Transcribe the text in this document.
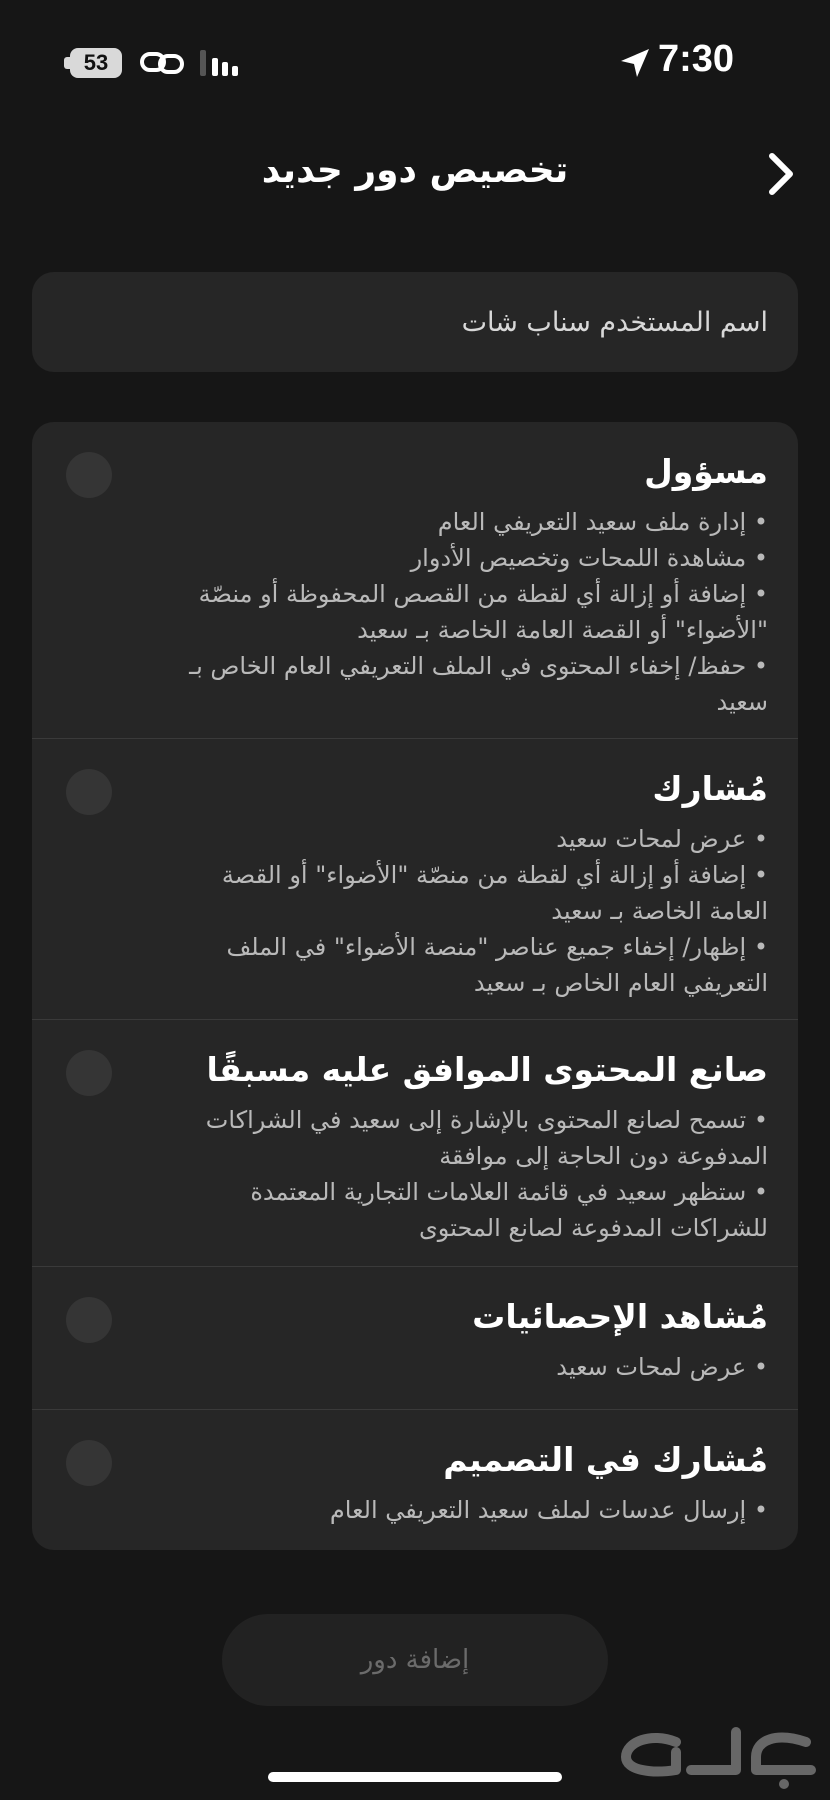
53	7:30
تخصيص دور جديد
اسم المستخدم سناب شات
مسؤول
• إدارة ملف سعيد التعريفي العام
• مشاهدة اللمحات وتخصيص الأدوار
• إضافة أو إزالة أي لقطة من القصص المحفوظة أو منصّة "الأضواء" أو القصة العامة الخاصة بـ سعيد
• حفظ/ إخفاء المحتوى في الملف التعريفي العام الخاص بـ سعيد
مُشارك
• عرض لمحات سعيد
• إضافة أو إزالة أي لقطة من منصّة "الأضواء" أو القصة العامة الخاصة بـ سعيد
• إظهار/ إخفاء جميع عناصر "منصة الأضواء" في الملف التعريفي العام الخاص بـ سعيد
صانع المحتوى الموافق عليه مسبقًا
• تسمح لصانع المحتوى بالإشارة إلى سعيد في الشراكات المدفوعة دون الحاجة إلى موافقة
• ستظهر سعيد في قائمة العلامات التجارية المعتمدة للشراكات المدفوعة لصانع المحتوى
مُشاهد الإحصائيات
• عرض لمحات سعيد
مُشارك في التصميم
• إرسال عدسات لملف سعيد التعريفي العام
إضافة دور
